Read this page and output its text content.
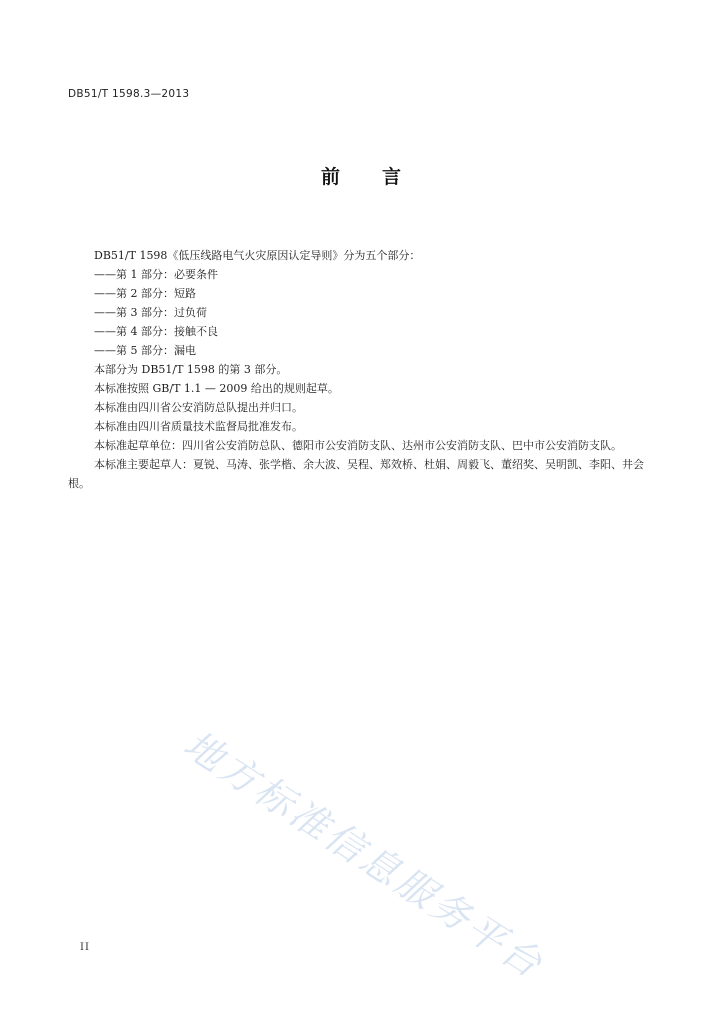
DB51/T 1598.3—2013
前 言

DB51/T 1598《低压线路电气火灾原因认定导则》分为五个部分：

——第 1 部分：必要条件

——第 2 部分：短路

——第 3 部分：过负荷

——第 4 部分：接触不良

——第 5 部分：漏电

本部分为 DB51/T 1598 的第 3 部分。

本标准按照 GB/T 1.1 — 2009 给出的规则起草。

本标准由四川省公安消防总队提出并归口。

本标准由四川省质量技术监督局批准发布。

本标准起草单位：四川省公安消防总队、德阳市公安消防支队、达州市公安消防支队、巴中市公安消防支队。

本标准主要起草人：夏锐、马涛、张学楷、余大波、吴程、郑效桥、杜娟、周毅飞、董绍奖、吴明凯、李阳、井会根。

地方标准信息服务平台
II
